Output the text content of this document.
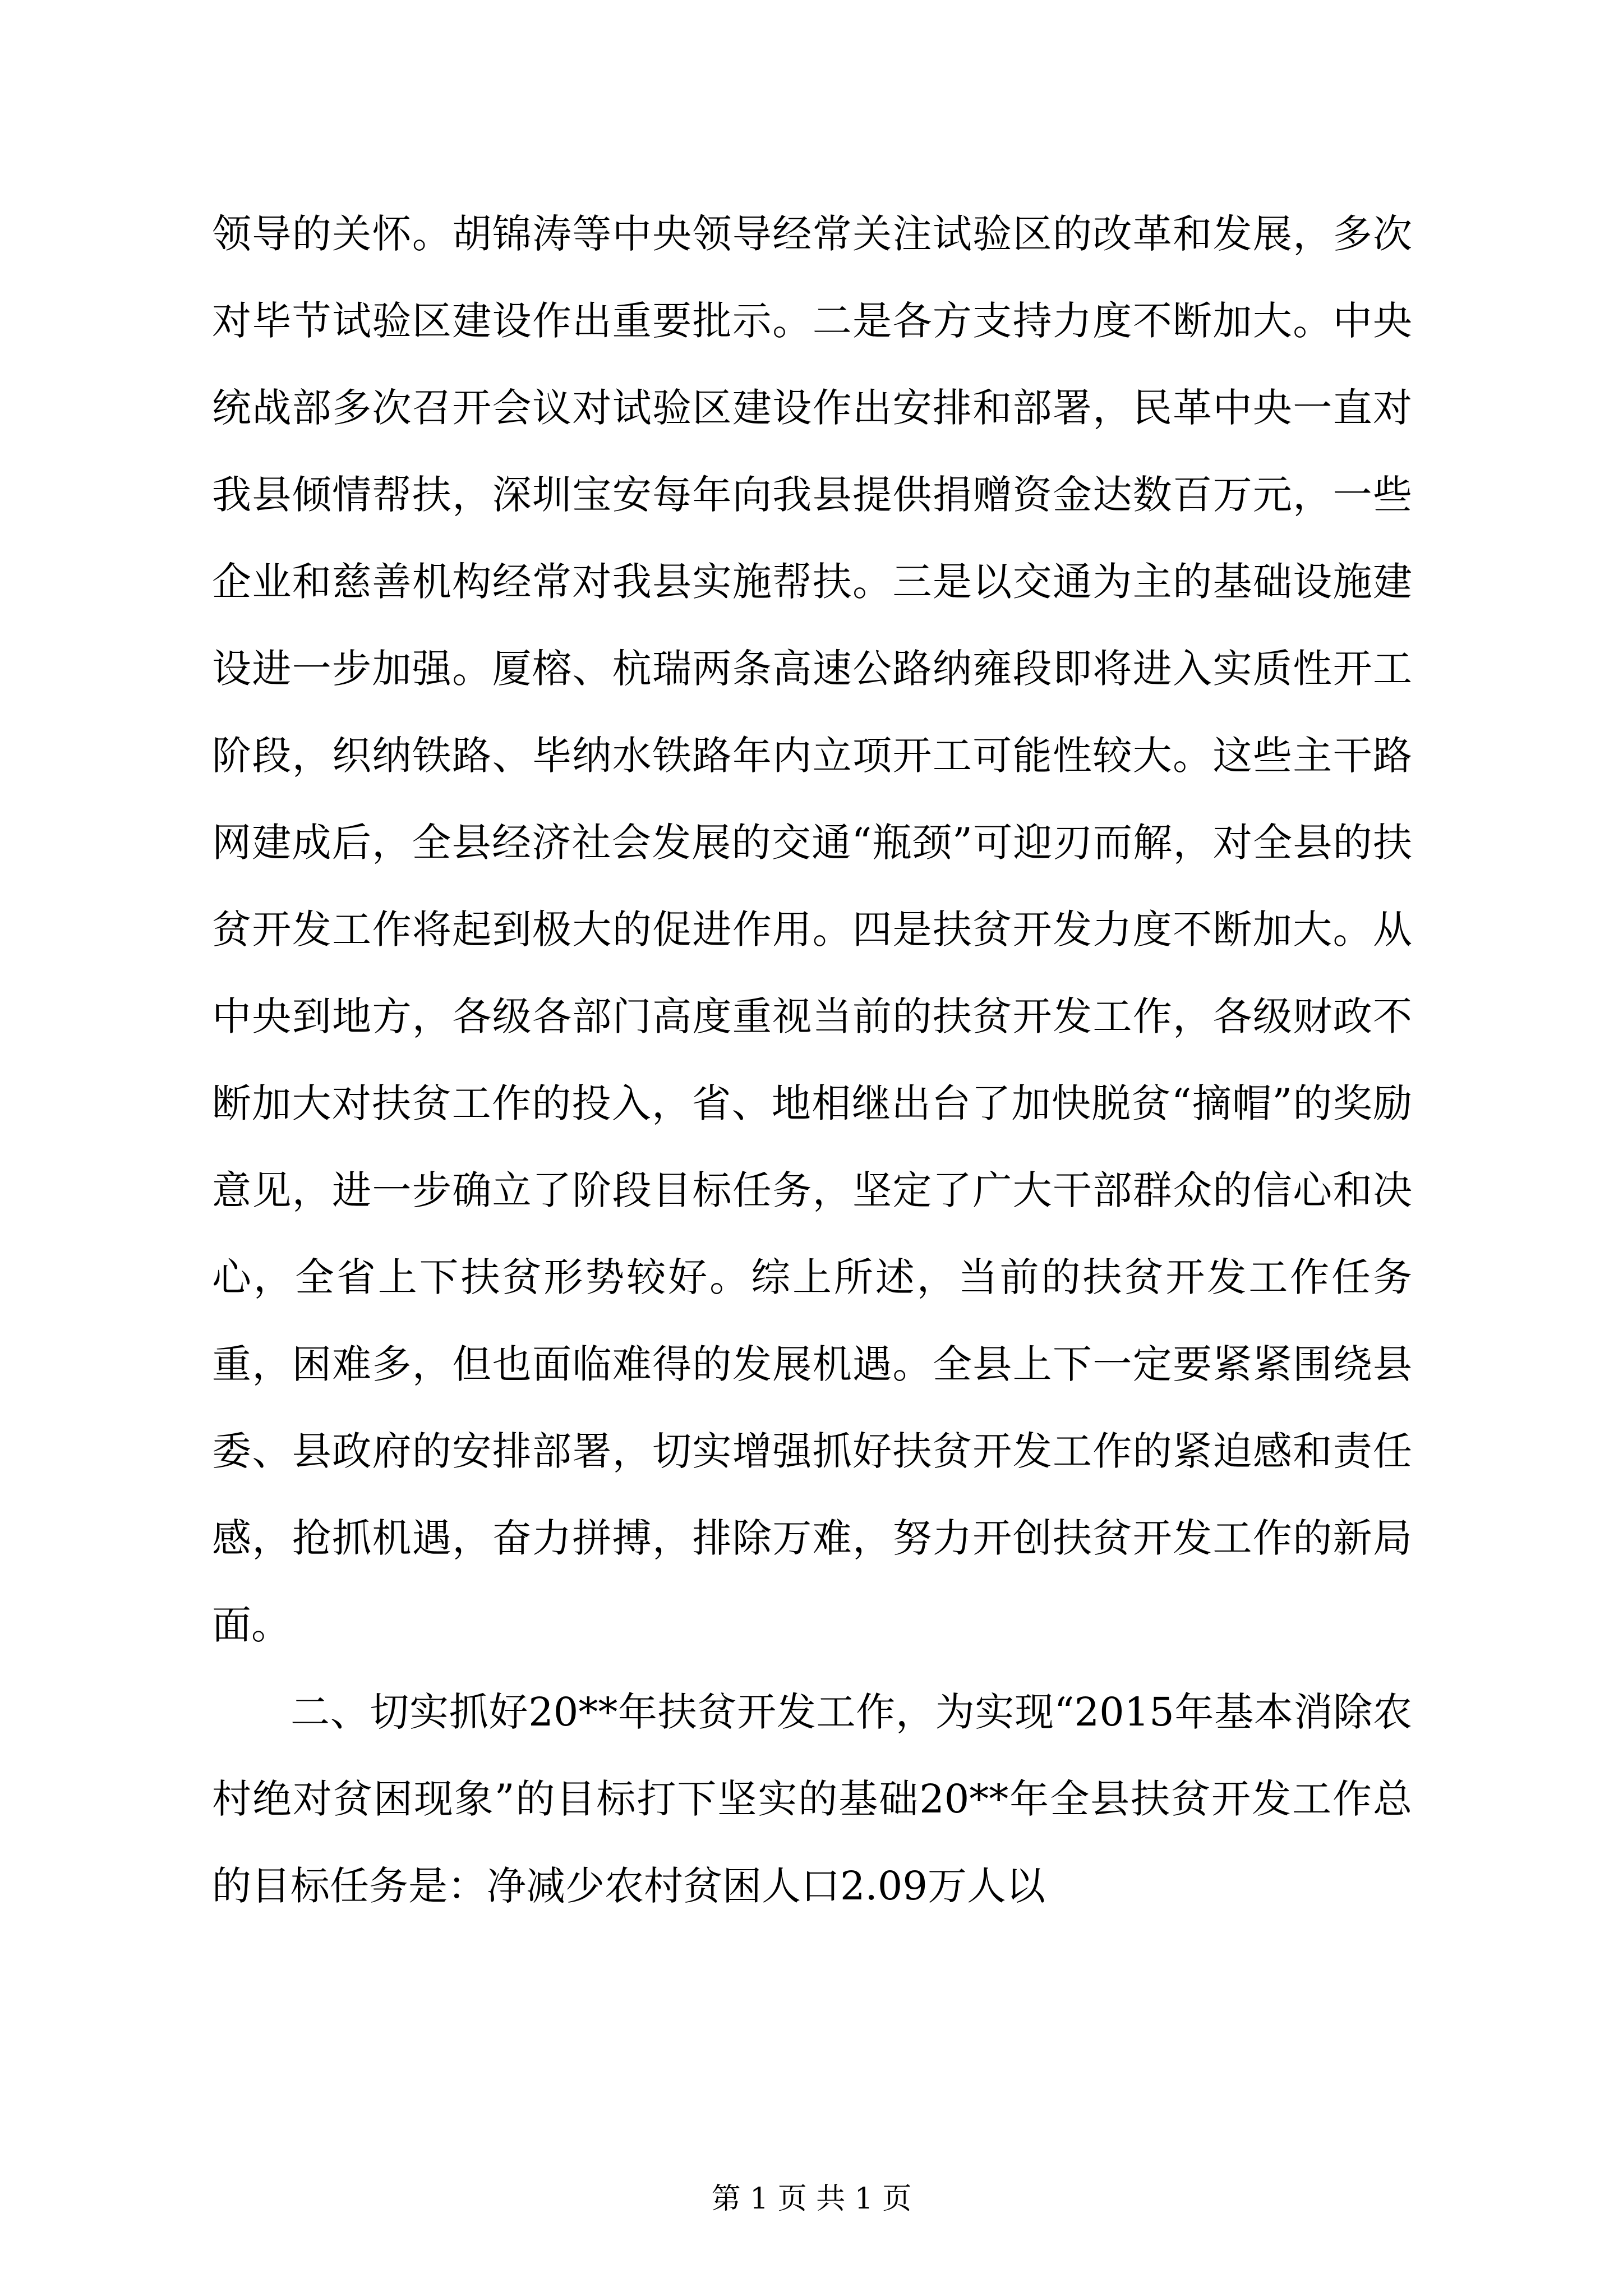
领导的关怀。胡锦涛等中央领导经常关注试验区的改革和发展，多次对毕节试验区建设作出重要批示。二是各方支持力度不断加大。中央统战部多次召开会议对试验区建设作出安排和部署，民革中央一直对我县倾情帮扶，深圳宝安每年向我县提供捐赠资金达数百万元，一些企业和慈善机构经常对我县实施帮扶。三是以交通为主的基础设施建设进一步加强。厦榕、杭瑞两条高速公路纳雍段即将进入实质性开工阶段，织纳铁路、毕纳水铁路年内立项开工可能性较大。这些主干路网建成后，全县经济社会发展的交通“瓶颈”可迎刃而解，对全县的扶贫开发工作将起到极大的促进作用。四是扶贫开发力度不断加大。从中央到地方，各级各部门高度重视当前的扶贫开发工作，各级财政不断加大对扶贫工作的投入，省、地相继出台了加快脱贫“摘帽”的奖励意见，进一步确立了阶段目标任务，坚定了广大干部群众的信心和决心，全省上下扶贫形势较好。综上所述，当前的扶贫开发工作任务重，困难多，但也面临难得的发展机遇。全县上下一定要紧紧围绕县委、县政府的安排部署，切实增强抓好扶贫开发工作的紧迫感和责任感，抢抓机遇，奋力拼搏，排除万难，努力开创扶贫开发工作的新局面。

二、切实抓好20**年扶贫开发工作，为实现“2015年基本消除农村绝对贫困现象”的目标打下坚实的基础20**年全县扶贫开发工作总的目标任务是：净减少农村贫困人口2.09万人以

第 1 页 共 1 页
